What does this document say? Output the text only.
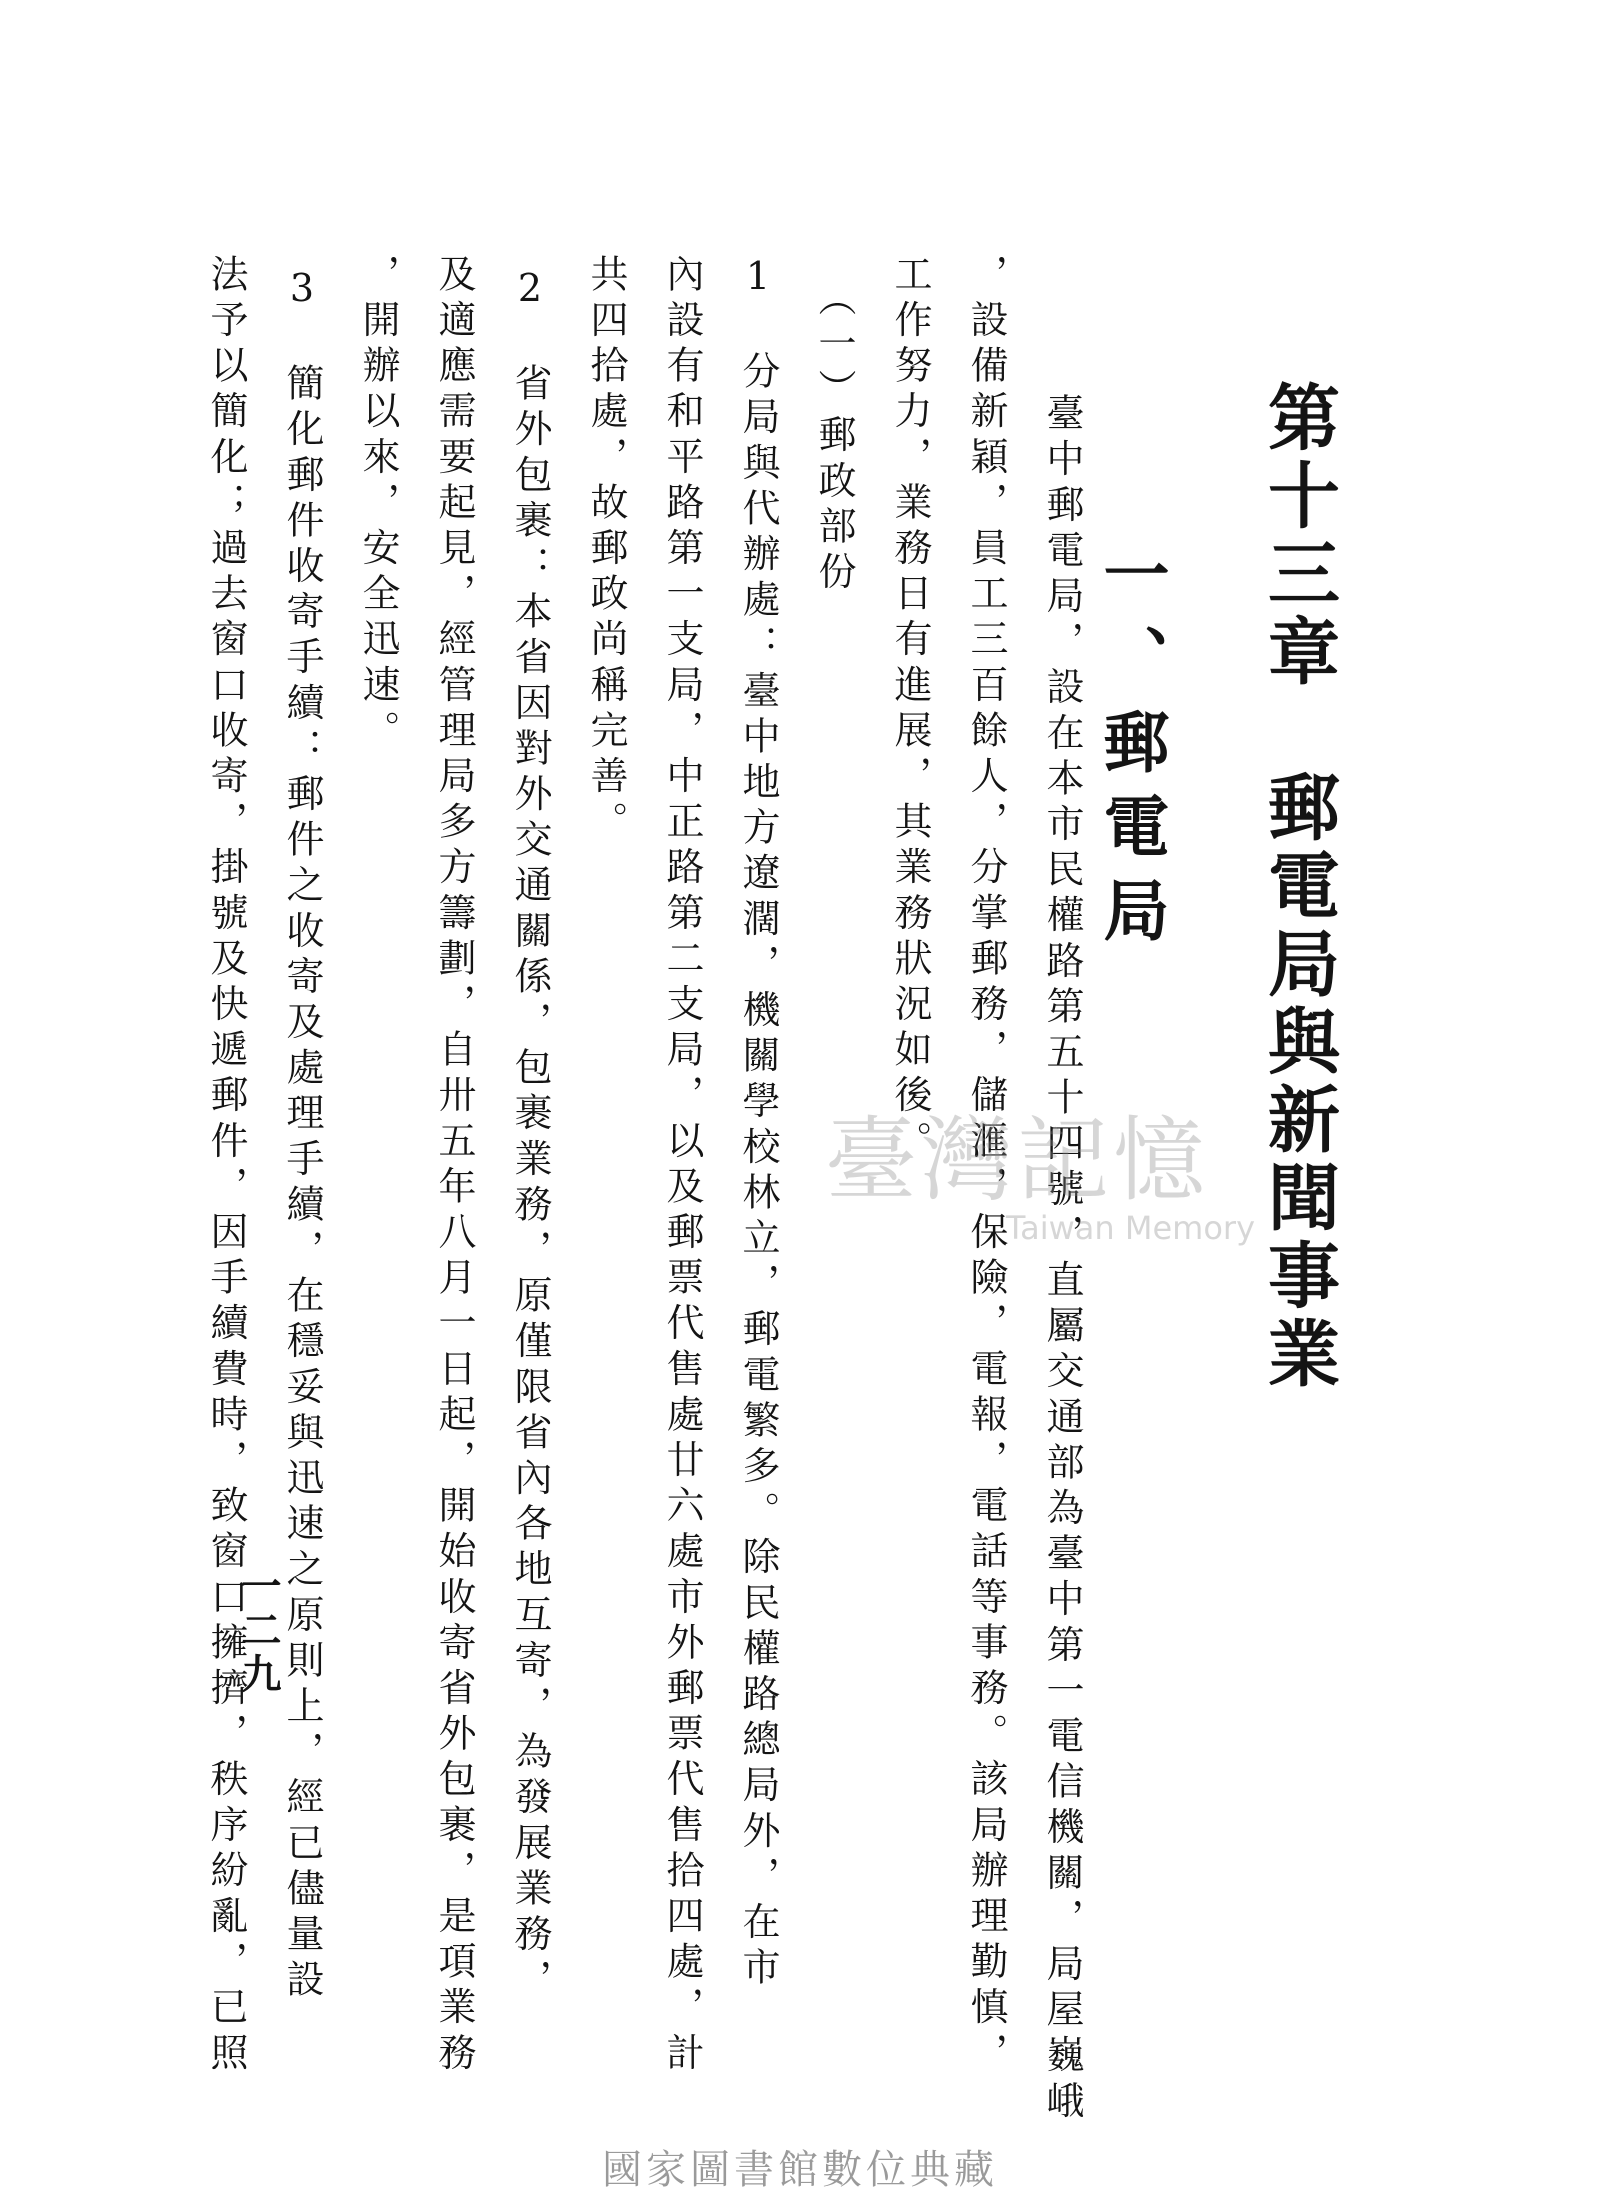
第十三章　郵電局與新聞事業
一、郵電局
　　臺中郵電局，設在本市民權路第五十四號，直屬交通部為臺中第一電信機關，局屋巍峨
，設備新穎，員工三百餘人，分掌郵務，儲滙，保險，電報，電話等事務。該局辦理勤慎，
工作努力，業務日有進展，其業務狀況如後。
（一）郵政部份
1　分局與代辦處：臺中地方遼濶，機關學校林立，郵電繁多。除民權路總局外，在市
內設有和平路第一支局，中正路第二支局，以及郵票代售處廿六處市外郵票代售拾四處，計
共四拾處，故郵政尚稱完善。
2　省外包裹：本省因對外交通關係，包裹業務，原僅限省內各地互寄，為發展業務，
及適應需要起見，經管理局多方籌劃，自卅五年八月一日起，開始收寄省外包裹，是項業務
，開辦以來，安全迅速。
3　簡化郵件收寄手續：郵件之收寄及處理手續，在穩妥與迅速之原則上，經已儘量設
法予以簡化；過去窗口收寄，掛號及快遞郵件，因手續費時，致窗口擁擠，秩序紛亂，已照
一二九
臺灣記憶
Taiwan Memory
國家圖書館數位典藏
